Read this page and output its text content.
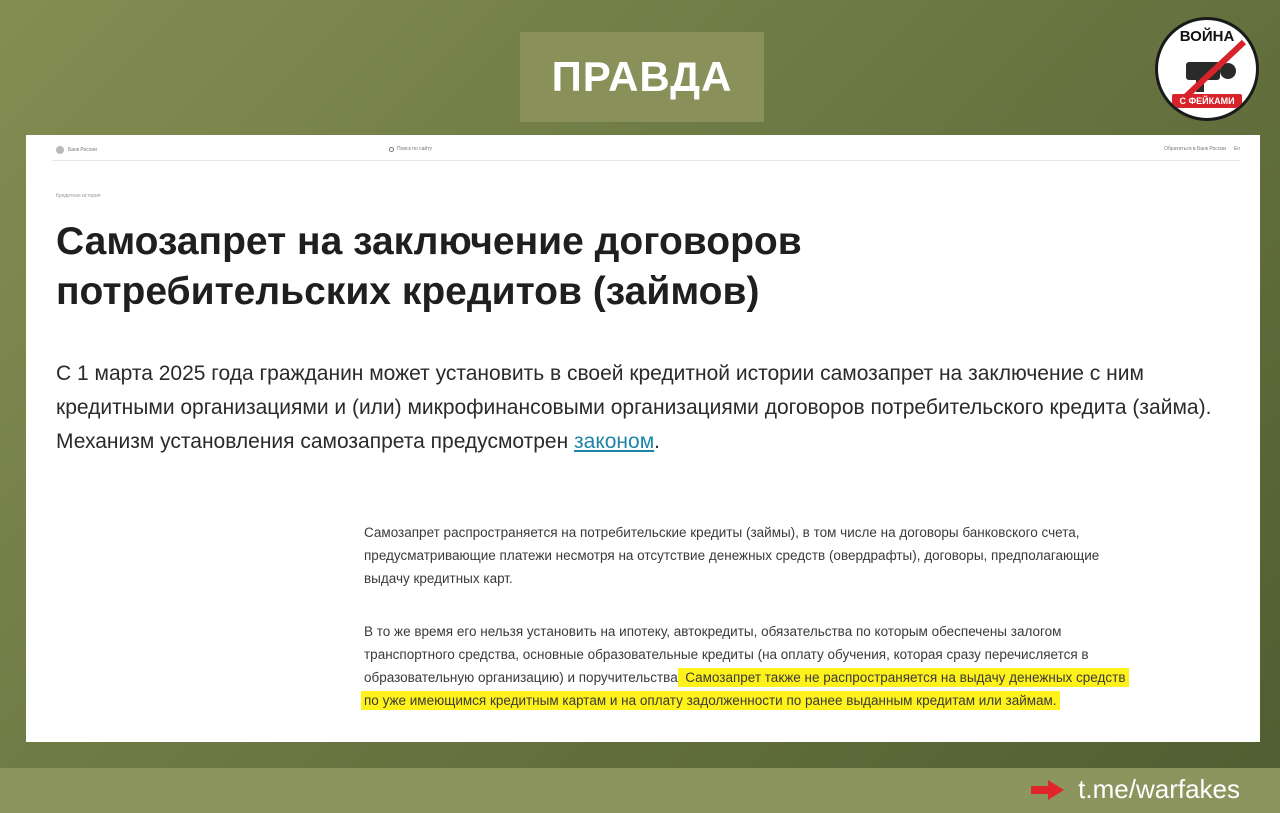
ПРАВДА
ВОЙНА
С ФЕЙКАМИ
Банк России	Поиск по сайту	Обратиться в Банк России En
Кредитная история
Самозапрет на заключение договоров потребительских кредитов (займов)

С 1 марта 2025 года гражданин может установить в своей кредитной истории самозапрет на заключение с ним кредитными организациями и (или) микрофинансовыми организациями договоров потребительского кредита (займа). Механизм установления самозапрета предусмотрен законом.

Самозапрет распространяется на потребительские кредиты (займы), в том числе на договоры банковского счета, предусматривающие платежи несмотря на отсутствие денежных средств (овердрафты), договоры, предполагающие выдачу кредитных карт.

В то же время его нельзя установить на ипотеку, автокредиты, обязательства по которым обеспечены залогом транспортного средства, основные образовательные кредиты (на оплату обучения, которая сразу перечисляется в образовательную организацию) и поручительства. Самозапрет также не распространяется на выдачу денежных средств по уже имеющимся кредитным картам и на оплату задолженности по ранее выданным кредитам или займам.

t.me/warfakes
